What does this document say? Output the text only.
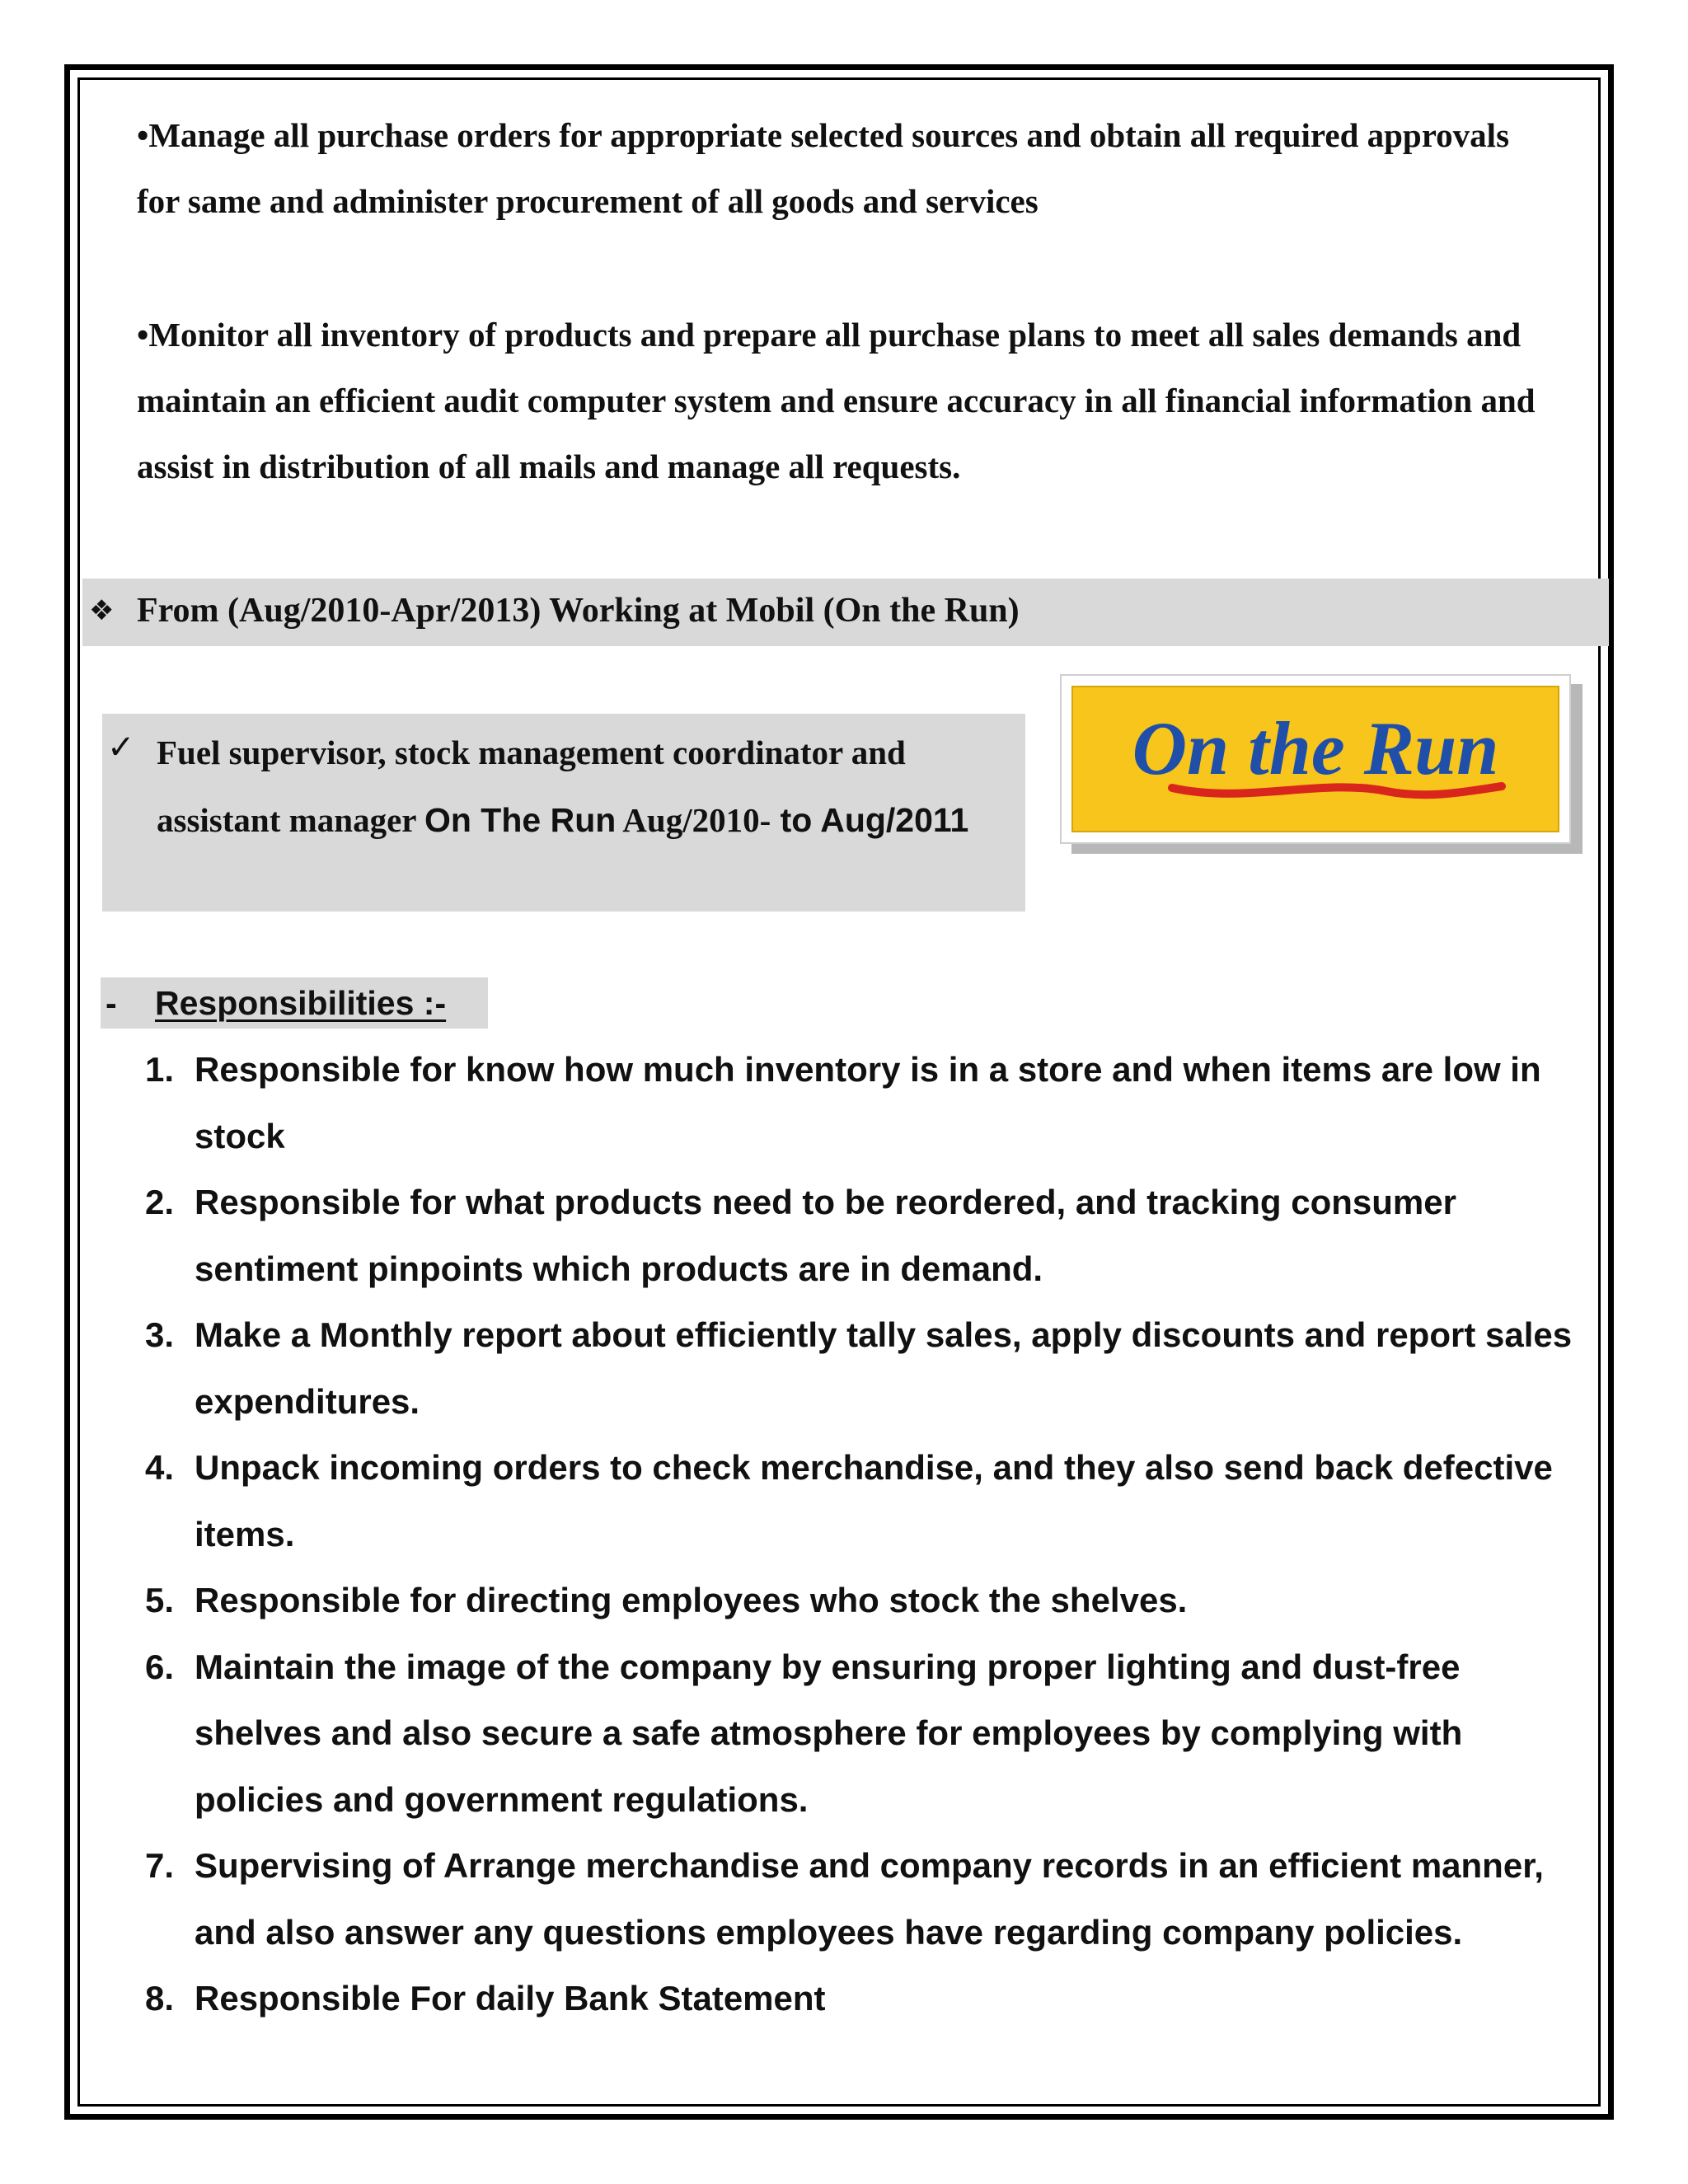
•Manage all purchase orders for appropriate selected sources and obtain all required approvals for same and administer procurement of all goods and services

•Monitor all inventory of products and prepare all purchase plans to meet all sales demands and maintain an efficient audit computer system and ensure accuracy in all financial information and assist in distribution of all mails and manage all requests.

❖ From (Aug/2010-Apr/2013) Working at Mobil (On the Run)
✓ Fuel supervisor, stock management coordinator and assistant manager On The Run Aug/2010- to Aug/2011
On the Run
- Responsibilities :-
1. Responsible for know how much inventory is in a store and when items are low in stock
2. Responsible for what products need to be reordered, and tracking consumer sentiment pinpoints which products are in demand.
3. Make a Monthly report about efficiently tally sales, apply discounts and report sales expenditures.
4. Unpack incoming orders to check merchandise, and they also send back defective items.
5. Responsible for directing employees who stock the shelves.
6. Maintain the image of the company by ensuring proper lighting and dust-free shelves and also secure a safe atmosphere for employees by complying with policies and government regulations.
7. Supervising of Arrange merchandise and company records in an efficient manner, and also answer any questions employees have regarding company policies.
8. Responsible For daily Bank Statement
